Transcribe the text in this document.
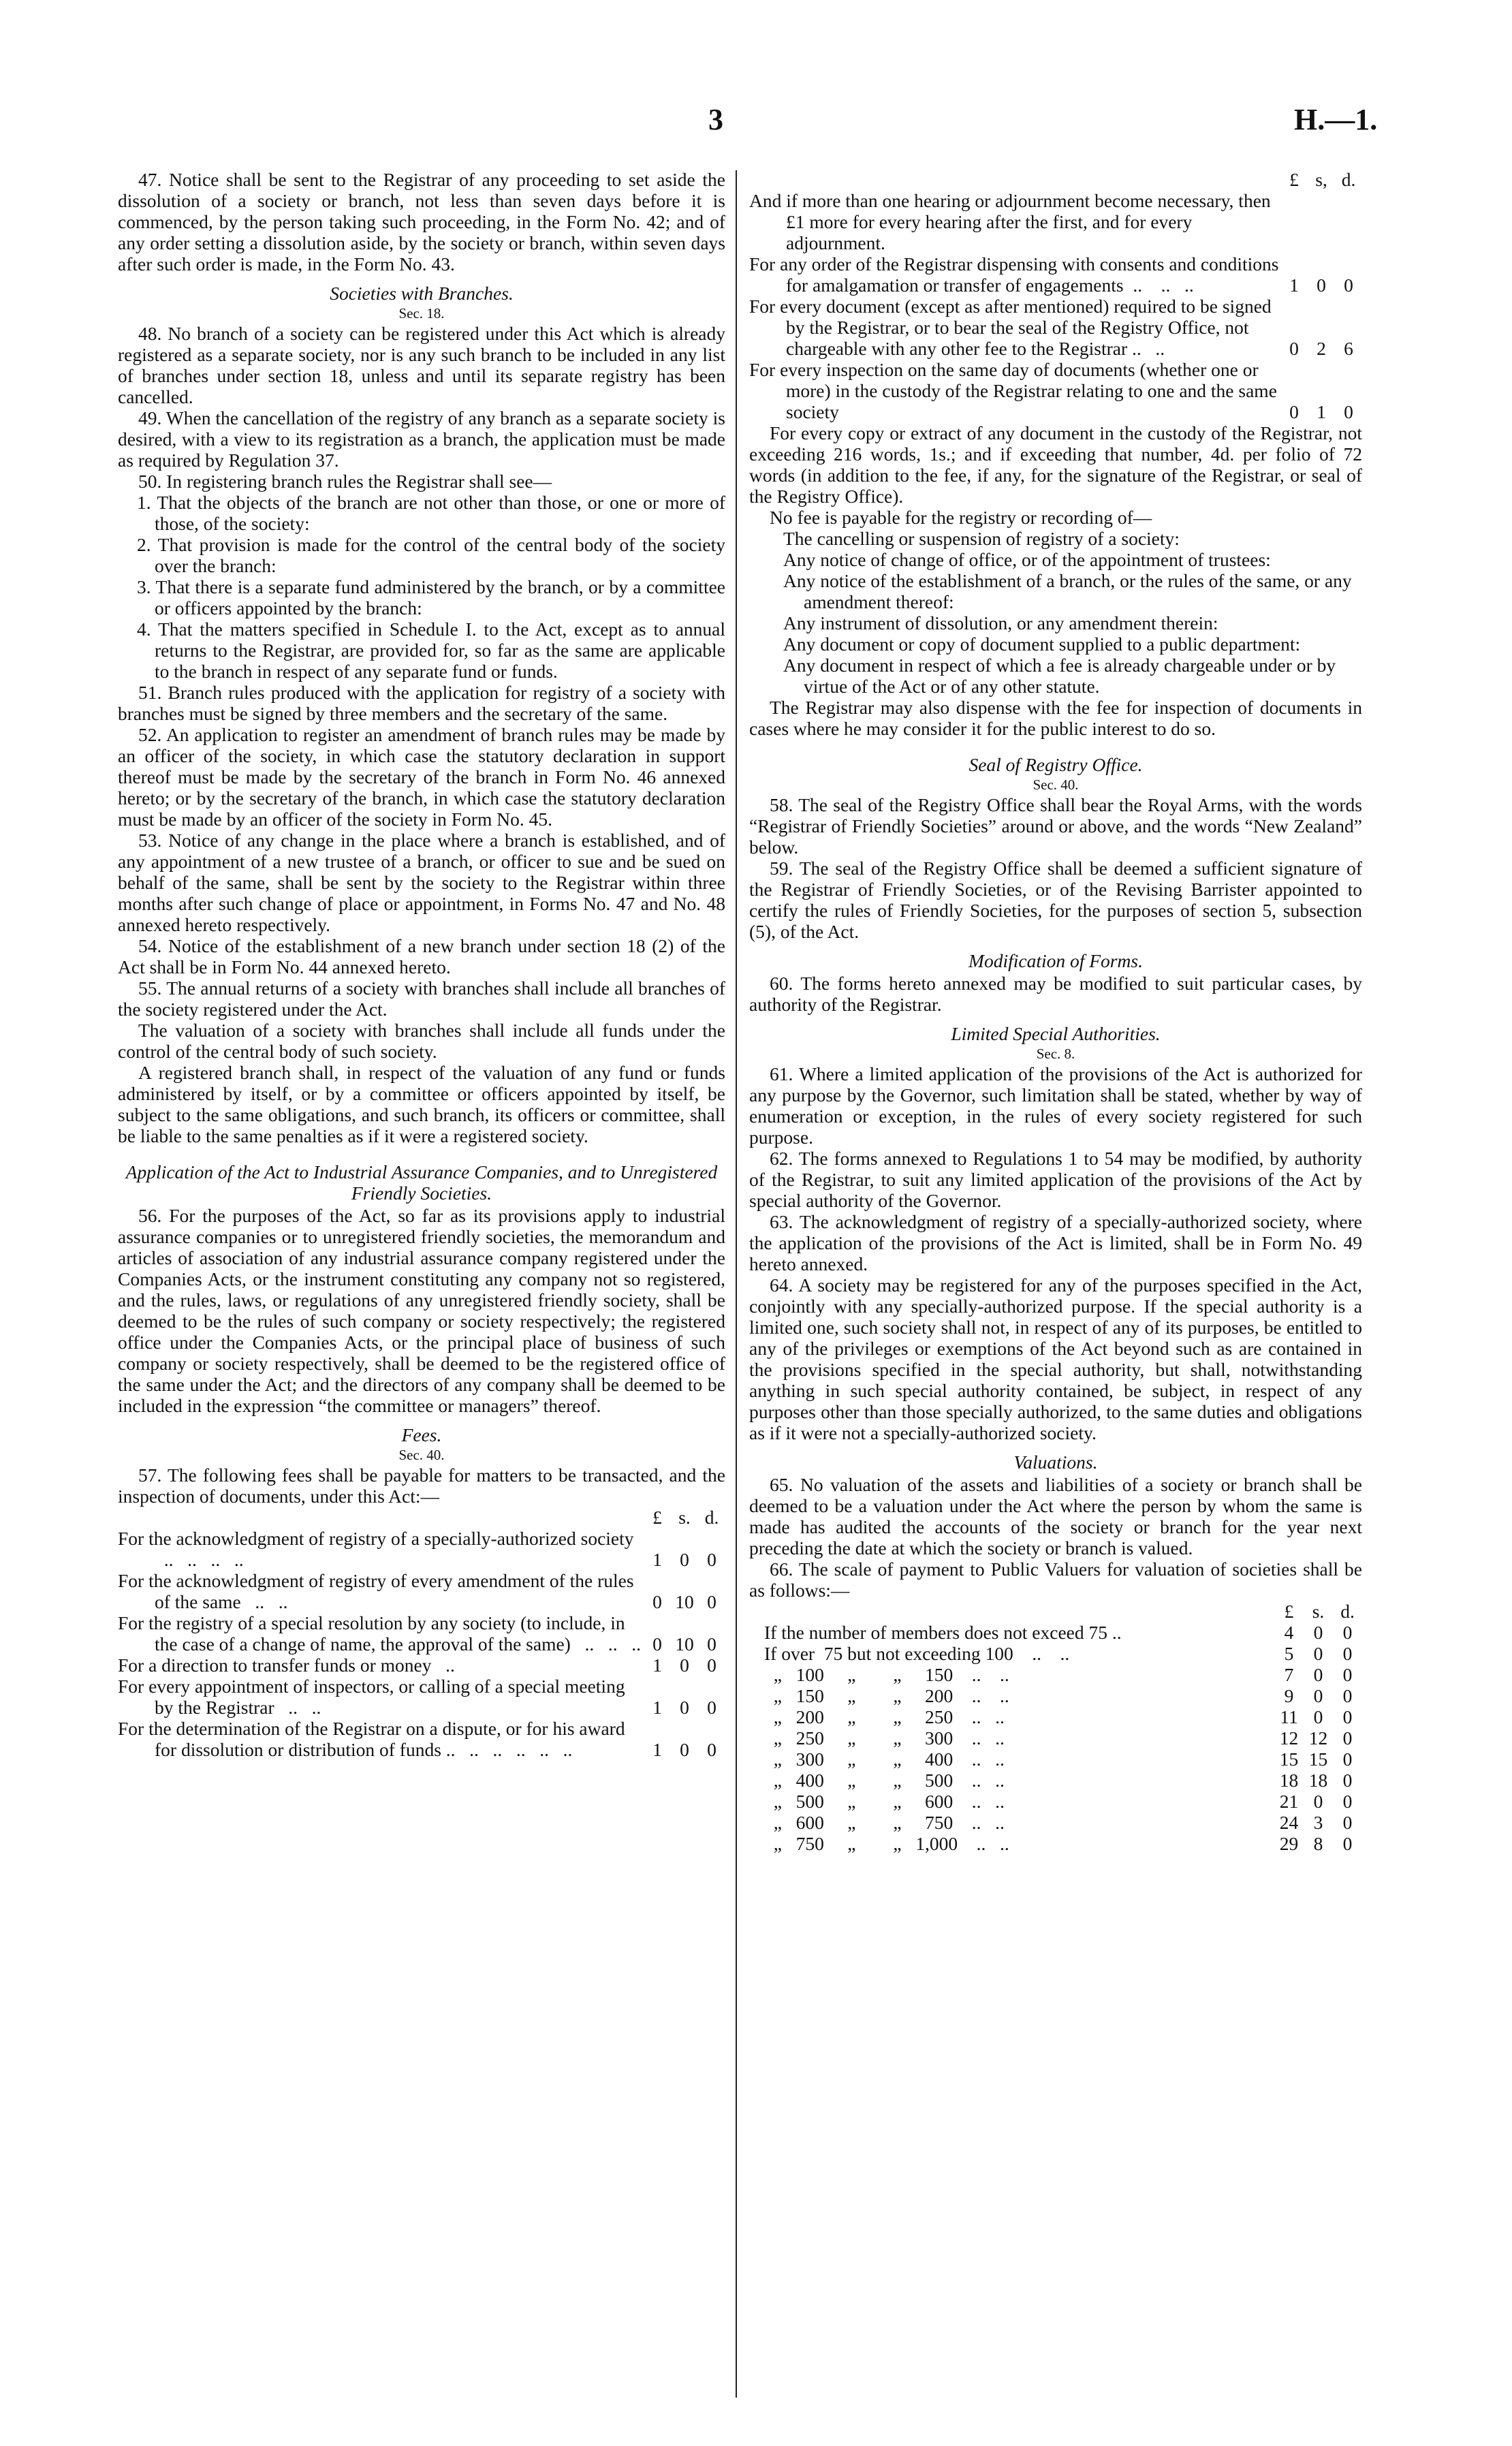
3	H.—1.

47. Notice shall be sent to the Registrar of any proceeding to set aside the dissolution of a society or branch, not less than seven days before it is commenced, by the person taking such proceeding, in the Form No. 42; and of any order setting a dissolution aside, by the society or branch, within seven days after such order is made, in the Form No. 43.

Societies with Branches.
Sec. 18.

48. No branch of a society can be registered under this Act which is already registered as a separate society, nor is any such branch to be included in any list of branches under section 18, unless and until its separate registry has been cancelled.

49. When the cancellation of the registry of any branch as a separate society is desired, with a view to its registration as a branch, the application must be made as required by Regulation 37.

50. In registering branch rules the Registrar shall see—

1. That the objects of the branch are not other than those, or one or more of those, of the society:
2. That provision is made for the control of the central body of the society over the branch:
3. That there is a separate fund administered by the branch, or by a committee or officers appointed by the branch:
4. That the matters specified in Schedule I. to the Act, except as to annual returns to the Registrar, are provided for, so far as the same are applicable to the branch in respect of any separate fund or funds.

51. Branch rules produced with the application for registry of a society with branches must be signed by three members and the secretary of the same.

52. An application to register an amendment of branch rules may be made by an officer of the society, in which case the statutory declaration in support thereof must be made by the secretary of the branch in Form No. 46 annexed hereto; or by the secretary of the branch, in which case the statutory declaration must be made by an officer of the society in Form No. 45.

53. Notice of any change in the place where a branch is established, and of any appointment of a new trustee of a branch, or officer to sue and be sued on behalf of the same, shall be sent by the society to the Registrar within three months after such change of place or appointment, in Forms No. 47 and No. 48 annexed hereto respectively.

54. Notice of the establishment of a new branch under section 18 (2) of the Act shall be in Form No. 44 annexed hereto.

55. The annual returns of a society with branches shall include all branches of the society registered under the Act.

The valuation of a society with branches shall include all funds under the control of the central body of such society.

A registered branch shall, in respect of the valuation of any fund or funds administered by itself, or by a committee or officers appointed by itself, be subject to the same obligations, and such branch, its officers or committee, shall be liable to the same penalties as if it were a registered society.

Application of the Act to Industrial Assurance Companies, and to Unregistered Friendly Societies.

56. For the purposes of the Act, so far as its provisions apply to industrial assurance companies or to unregistered friendly societies, the memorandum and articles of association of any industrial assurance company registered under the Companies Acts, or the instrument constituting any company not so registered, and the rules, laws, or regulations of any unregistered friendly society, shall be deemed to be the rules of such company or society respectively; the registered office under the Companies Acts, or the principal place of business of such company or society respectively, shall be deemed to be the registered office of the same under the Act; and the directors of any company shall be deemed to be included in the expression “the committee or managers” thereof.

Fees.
Sec. 40.

57. The following fees shall be payable for matters to be transacted, and the inspection of documents, under this Act:—

£ s. d.
For the acknowledgment of registry of a specially-authorized society   ..   ..   ..   ..	1 0 0
For the acknowledgment of registry of every amendment of the rules of the same   ..   ..	0 10 0
For the registry of a special resolution by any society (to include, in the case of a change of name, the approval of the same)   ..   ..   .. 0 10 0
For a direction to transfer funds or money   ..	1 0 0
For every appointment of inspectors, or calling of a special meeting by the Registrar   ..   ..	1 0 0
For the determination of the Registrar on a dispute, or for his award for dissolution or distribution of funds ..   ..   ..   ..   ..   ..	1 0 0
£ s, d.
And if more than one hearing or adjournment become necessary, then £1 more for every hearing after the first, and for every adjournment.
For any order of the Registrar dispensing with consents and conditions for amalgamation or transfer of engagements  ..    ..   ..	1 0 0
For every document (except as after mentioned) required to be signed by the Registrar, or to bear the seal of the Registry Office, not chargeable with any other fee to the Registrar ..   ..	0 2 6
For every inspection on the same day of documents (whether one or more) in the custody of the Registrar relating to one and the same society	0 1 0

For every copy or extract of any document in the custody of the Registrar, not exceeding 216 words, 1s.; and if exceeding that number, 4d. per folio of 72 words (in addition to the fee, if any, for the signature of the Registrar, or seal of the Registry Office).

No fee is payable for the registry or recording of—

The cancelling or suspension of registry of a society:
Any notice of change of office, or of the appointment of trustees:
Any notice of the establishment of a branch, or the rules of the same, or any amendment thereof:
Any instrument of dissolution, or any amendment therein:
Any document or copy of document supplied to a public department:
Any document in respect of which a fee is already chargeable under or by virtue of the Act or of any other statute.

The Registrar may also dispense with the fee for inspection of documents in cases where he may consider it for the public interest to do so.

Seal of Registry Office.
Sec. 40.

58. The seal of the Registry Office shall bear the Royal Arms, with the words “Registrar of Friendly Societies” around or above, and the words “New Zealand” below.

59. The seal of the Registry Office shall be deemed a sufficient signature of the Registrar of Friendly Societies, or of the Revising Barrister appointed to certify the rules of Friendly Societies, for the purposes of section 5, subsection (5), of the Act.

Modification of Forms.

60. The forms hereto annexed may be modified to suit particular cases, by authority of the Registrar.

Limited Special Authorities.
Sec. 8.

61. Where a limited application of the provisions of the Act is authorized for any purpose by the Governor, such limitation shall be stated, whether by way of enumeration or exception, in the rules of every society registered for such purpose.

62. The forms annexed to Regulations 1 to 54 may be modified, by authority of the Registrar, to suit any limited application of the provisions of the Act by special authority of the Governor.

63. The acknowledgment of registry of a specially-authorized society, where the application of the provisions of the Act is limited, shall be in Form No. 49 hereto annexed.

64. A society may be registered for any of the purposes specified in the Act, conjointly with any specially-authorized purpose. If the special authority is a limited one, such society shall not, in respect of any of its purposes, be entitled to any of the privileges or exemptions of the Act beyond such as are contained in the provisions specified in the special authority, but shall, notwithstanding anything in such special authority contained, be subject, in respect of any purposes other than those specially authorized, to the same duties and obligations as if it were not a specially-authorized society.

Valuations.

65. No valuation of the assets and liabilities of a society or branch shall be deemed to be a valuation under the Act where the person by whom the same is made has audited the accounts of the society or branch for the year next preceding the date at which the society or branch is valued.

66. The scale of payment to Public Valuers for valuation of societies shall be as follows:—

£ s. d.
If the number of members does not exceed 75 ..	4	0	0
If over  75 but not exceeding 100    ..    ..	5	0	0
„   100     „        „     150    ..    ..	7	0	0
„   150     „        „     200    ..    ..	9	0	0
„   200     „        „     250    ..   ..	11 0	0
„   250     „        „     300    ..   ..	12 12 0
„   300     „        „     400    ..   ..	15 15 0
„   400     „        „     500    ..   ..	18 18 0
„   500     „        „     600    ..   ..	21 0	0
„   600     „        „     750    ..   ..	24 3	0
„   750     „        „   1,000    ..   ..	29 8	0
